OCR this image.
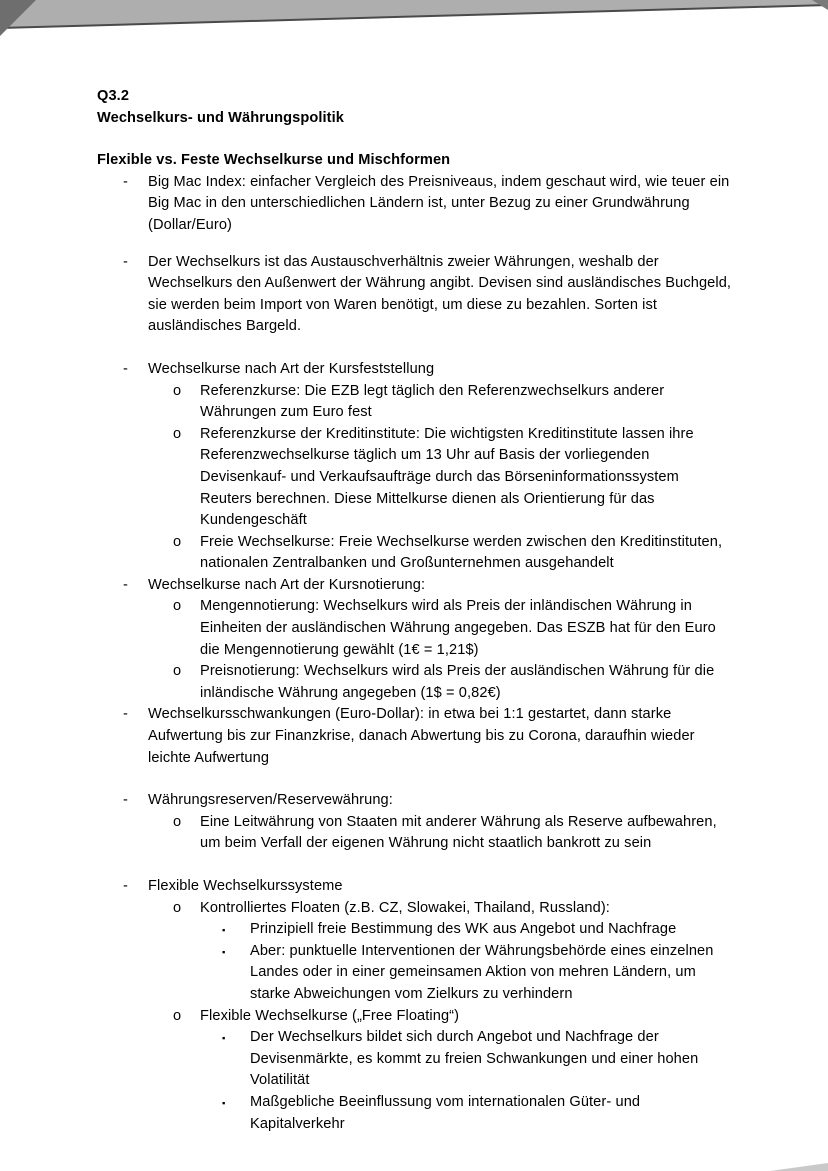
Q3.2
Wechselkurs- und Währungspolitik
Flexible vs. Feste Wechselkurse und Mischformen
- Big Mac Index: einfacher Vergleich des Preisniveaus, indem geschaut wird, wie teuer ein Big Mac in den unterschiedlichen Ländern ist, unter Bezug zu einer Grundwährung (Dollar/Euro)
- Der Wechselkurs ist das Austauschverhältnis zweier Währungen, weshalb der Wechselkurs den Außenwert der Währung angibt. Devisen sind ausländisches Buchgeld, sie werden beim Import von Waren benötigt, um diese zu bezahlen. Sorten ist ausländisches Bargeld.
- Wechselkurse nach Art der Kursfeststellung
o Referenzkurse: Die EZB legt täglich den Referenzwechselkurs anderer Währungen zum Euro fest
o Referenzkurse der Kreditinstitute: Die wichtigsten Kreditinstitute lassen ihre Referenzwechselkurse täglich um 13 Uhr auf Basis der vorliegenden Devisenkauf- und Verkaufsaufträge durch das Börseninformationssystem Reuters berechnen. Diese Mittelkurse dienen als Orientierung für das Kundengeschäft
o Freie Wechselkurse: Freie Wechselkurse werden zwischen den Kreditinstituten, nationalen Zentralbanken und Großunternehmen ausgehandelt
- Wechselkurse nach Art der Kursnotierung:
o Mengennotierung: Wechselkurs wird als Preis der inländischen Währung in Einheiten der ausländischen Währung angegeben. Das ESZB hat für den Euro die Mengennotierung gewählt (1€ = 1,21$)
o Preisnotierung: Wechselkurs wird als Preis der ausländischen Währung für die inländische Währung angegeben (1$ = 0,82€)
- Wechselkursschwankungen (Euro-Dollar): in etwa bei 1:1 gestartet, dann starke Aufwertung bis zur Finanzkrise, danach Abwertung bis zu Corona, daraufhin wieder leichte Aufwertung
- Währungsreserven/Reservewährung:
o Eine Leitwährung von Staaten mit anderer Währung als Reserve aufbewahren, um beim Verfall der eigenen Währung nicht staatlich bankrott zu sein
- Flexible Wechselkurssysteme
o Kontrolliertes Floaten (z.B. CZ, Slowakei, Thailand, Russland):
▪ Prinzipiell freie Bestimmung des WK aus Angebot und Nachfrage
▪ Aber: punktuelle Interventionen der Währungsbehörde eines einzelnen Landes oder in einer gemeinsamen Aktion von mehren Ländern, um starke Abweichungen vom Zielkurs zu verhindern
o Flexible Wechselkurse („Free Floating“)
▪ Der Wechselkurs bildet sich durch Angebot und Nachfrage der Devisenmärkte, es kommt zu freien Schwankungen und einer hohen Volatilität
▪ Maßgebliche Beeinflussung vom internationalen Güter- und Kapitalverkehr
